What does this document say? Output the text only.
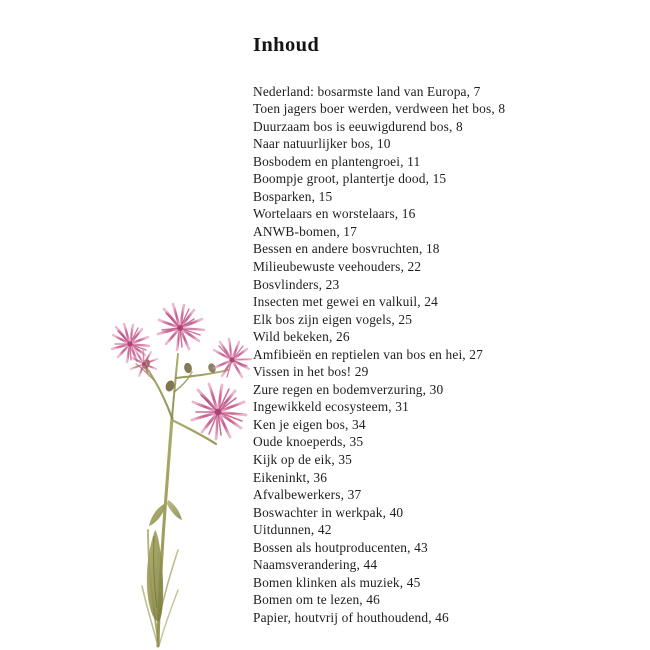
Inhoud
Nederland: bosarmste land van Europa, 7
Toen jagers boer werden, verdween het bos, 8
Duurzaam bos is eeuwigdurend bos, 8
Naar natuurlijker bos, 10
Bosbodem en plantengroei, 11
Boompje groot, plantertje dood, 15
Bosparken, 15
Wortelaars en worstelaars, 16
ANWB-bomen, 17
Bessen en andere bosvruchten, 18
Milieubewuste veehouders, 22
Bosvlinders, 23
Insecten met gewei en valkuil, 24
Elk bos zijn eigen vogels, 25
Wild bekeken, 26
Amfibieën en reptielen van bos en hei, 27
Vissen in het bos! 29
Zure regen en bodemverzuring, 30
Ingewikkeld ecosysteem, 31
Ken je eigen bos, 34
Oude knoeperds, 35
Kijk op de eik, 35
Eikeninkt, 36
Afvalbewerkers, 37
Boswachter in werkpak, 40
Uitdunnen, 42
Bossen als houtproducenten, 43
Naamsverandering, 44
Bomen klinken als muziek, 45
Bomen om te lezen, 46
Papier, houtvrij of houthoudend, 46
